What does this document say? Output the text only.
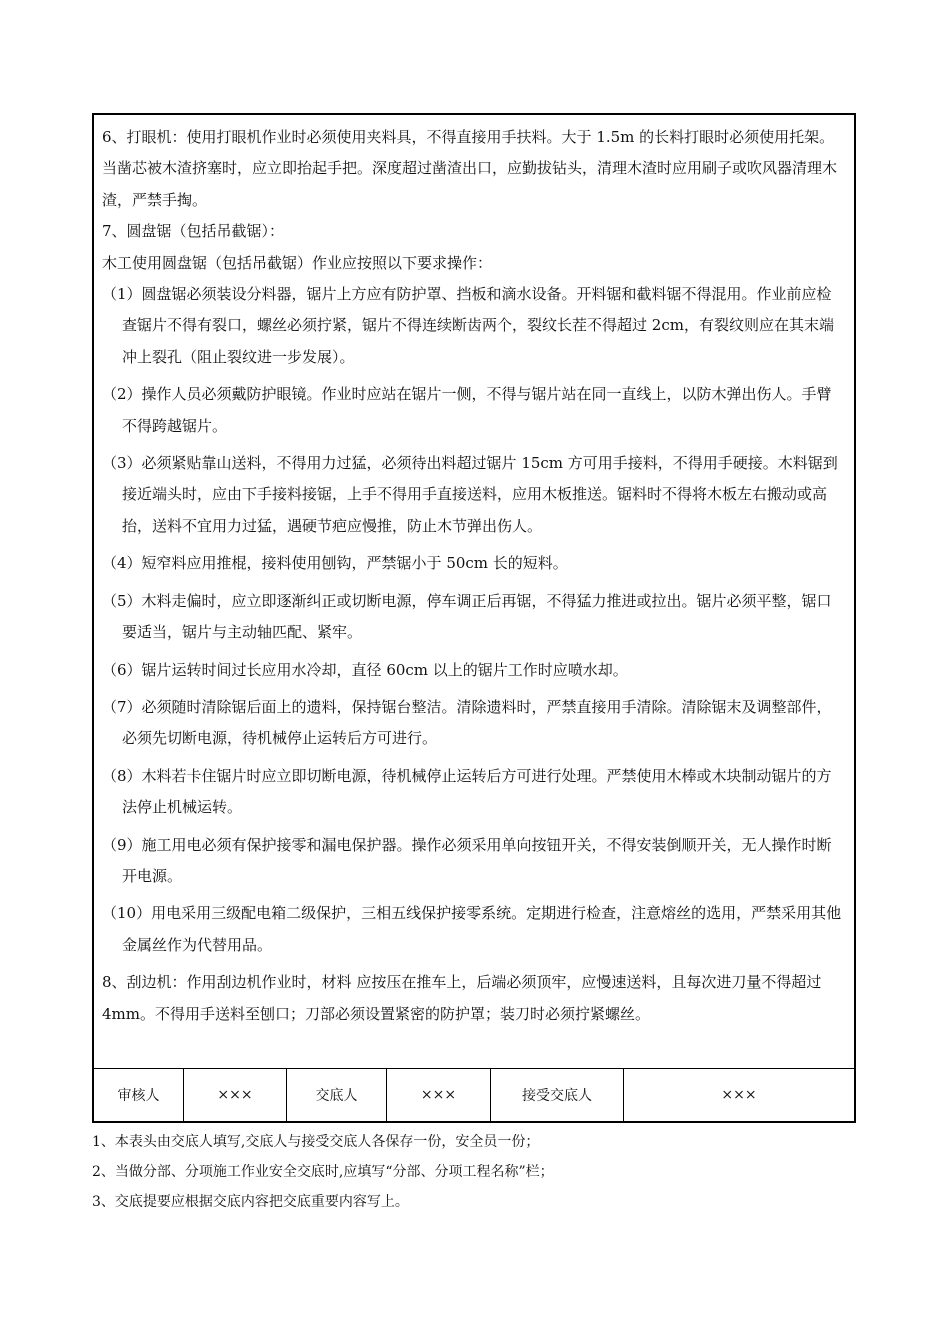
6、打眼机：使用打眼机作业时必须使用夹料具，不得直接用手扶料。大于 1.5m 的长料打眼时必须使用托架。当凿芯被木渣挤塞时，应立即抬起手把。深度超过凿渣出口，应勤拔钻头，清理木渣时应用刷子或吹风器清理木渣，严禁手掏。

7、圆盘锯（包括吊截锯）：

木工使用圆盘锯（包括吊截锯）作业应按照以下要求操作：

（1）圆盘锯必须装设分料器，锯片上方应有防护罩、挡板和滴水设备。开料锯和截料锯不得混用。作业前应检查锯片不得有裂口，螺丝必须拧紧，锯片不得连续断齿两个，裂纹长茬不得超过 2cm，有裂纹则应在其末端冲上裂孔（阻止裂纹进一步发展）。

（2）操作人员必须戴防护眼镜。作业时应站在锯片一侧，不得与锯片站在同一直线上，以防木弹出伤人。手臂不得跨越锯片。

（3）必须紧贴靠山送料，不得用力过猛，必须待出料超过锯片 15cm 方可用手接料，不得用手硬接。木料锯到接近端头时，应由下手接料接锯，上手不得用手直接送料，应用木板推送。锯料时不得将木板左右搬动或高抬，送料不宜用力过猛，遇硬节疤应慢推，防止木节弹出伤人。

（4）短窄料应用推棍，接料使用刨钩，严禁锯小于 50cm 长的短料。

（5）木料走偏时，应立即逐渐纠正或切断电源，停车调正后再锯，不得猛力推进或拉出。锯片必须平整，锯口要适当，锯片与主动轴匹配、紧牢。

（6）锯片运转时间过长应用水冷却，直径 60cm 以上的锯片工作时应喷水却。

（7）必须随时清除锯后面上的遗料，保持锯台整洁。清除遗料时，严禁直接用手清除。清除锯末及调整部件，必须先切断电源，待机械停止运转后方可进行。

（8）木料若卡住锯片时应立即切断电源，待机械停止运转后方可进行处理。严禁使用木棒或木块制动锯片的方法停止机械运转。

（9）施工用电必须有保护接零和漏电保护器。操作必须采用单向按钮开关，不得安装倒顺开关，无人操作时断开电源。

（10）用电采用三级配电箱二级保护，三相五线保护接零系统。定期进行检查，注意熔丝的选用，严禁采用其他金属丝作为代替用品。

8、刮边机：作用刮边机作业时，材料 应按压在推车上，后端必须顶牢，应慢速送料，且每次进刀量不得超过 4mm。不得用手送料至刨口；刀部必须设置紧密的防护罩；装刀时必须拧紧螺丝。

审核人	×××	交底人	×××	接受交底人	×××

1、本表头由交底人填写,交底人与接受交底人各保存一份，安全员一份；

2、当做分部、分项施工作业安全交底时,应填写“分部、分项工程名称”栏；

3、交底提要应根据交底内容把交底重要内容写上。
